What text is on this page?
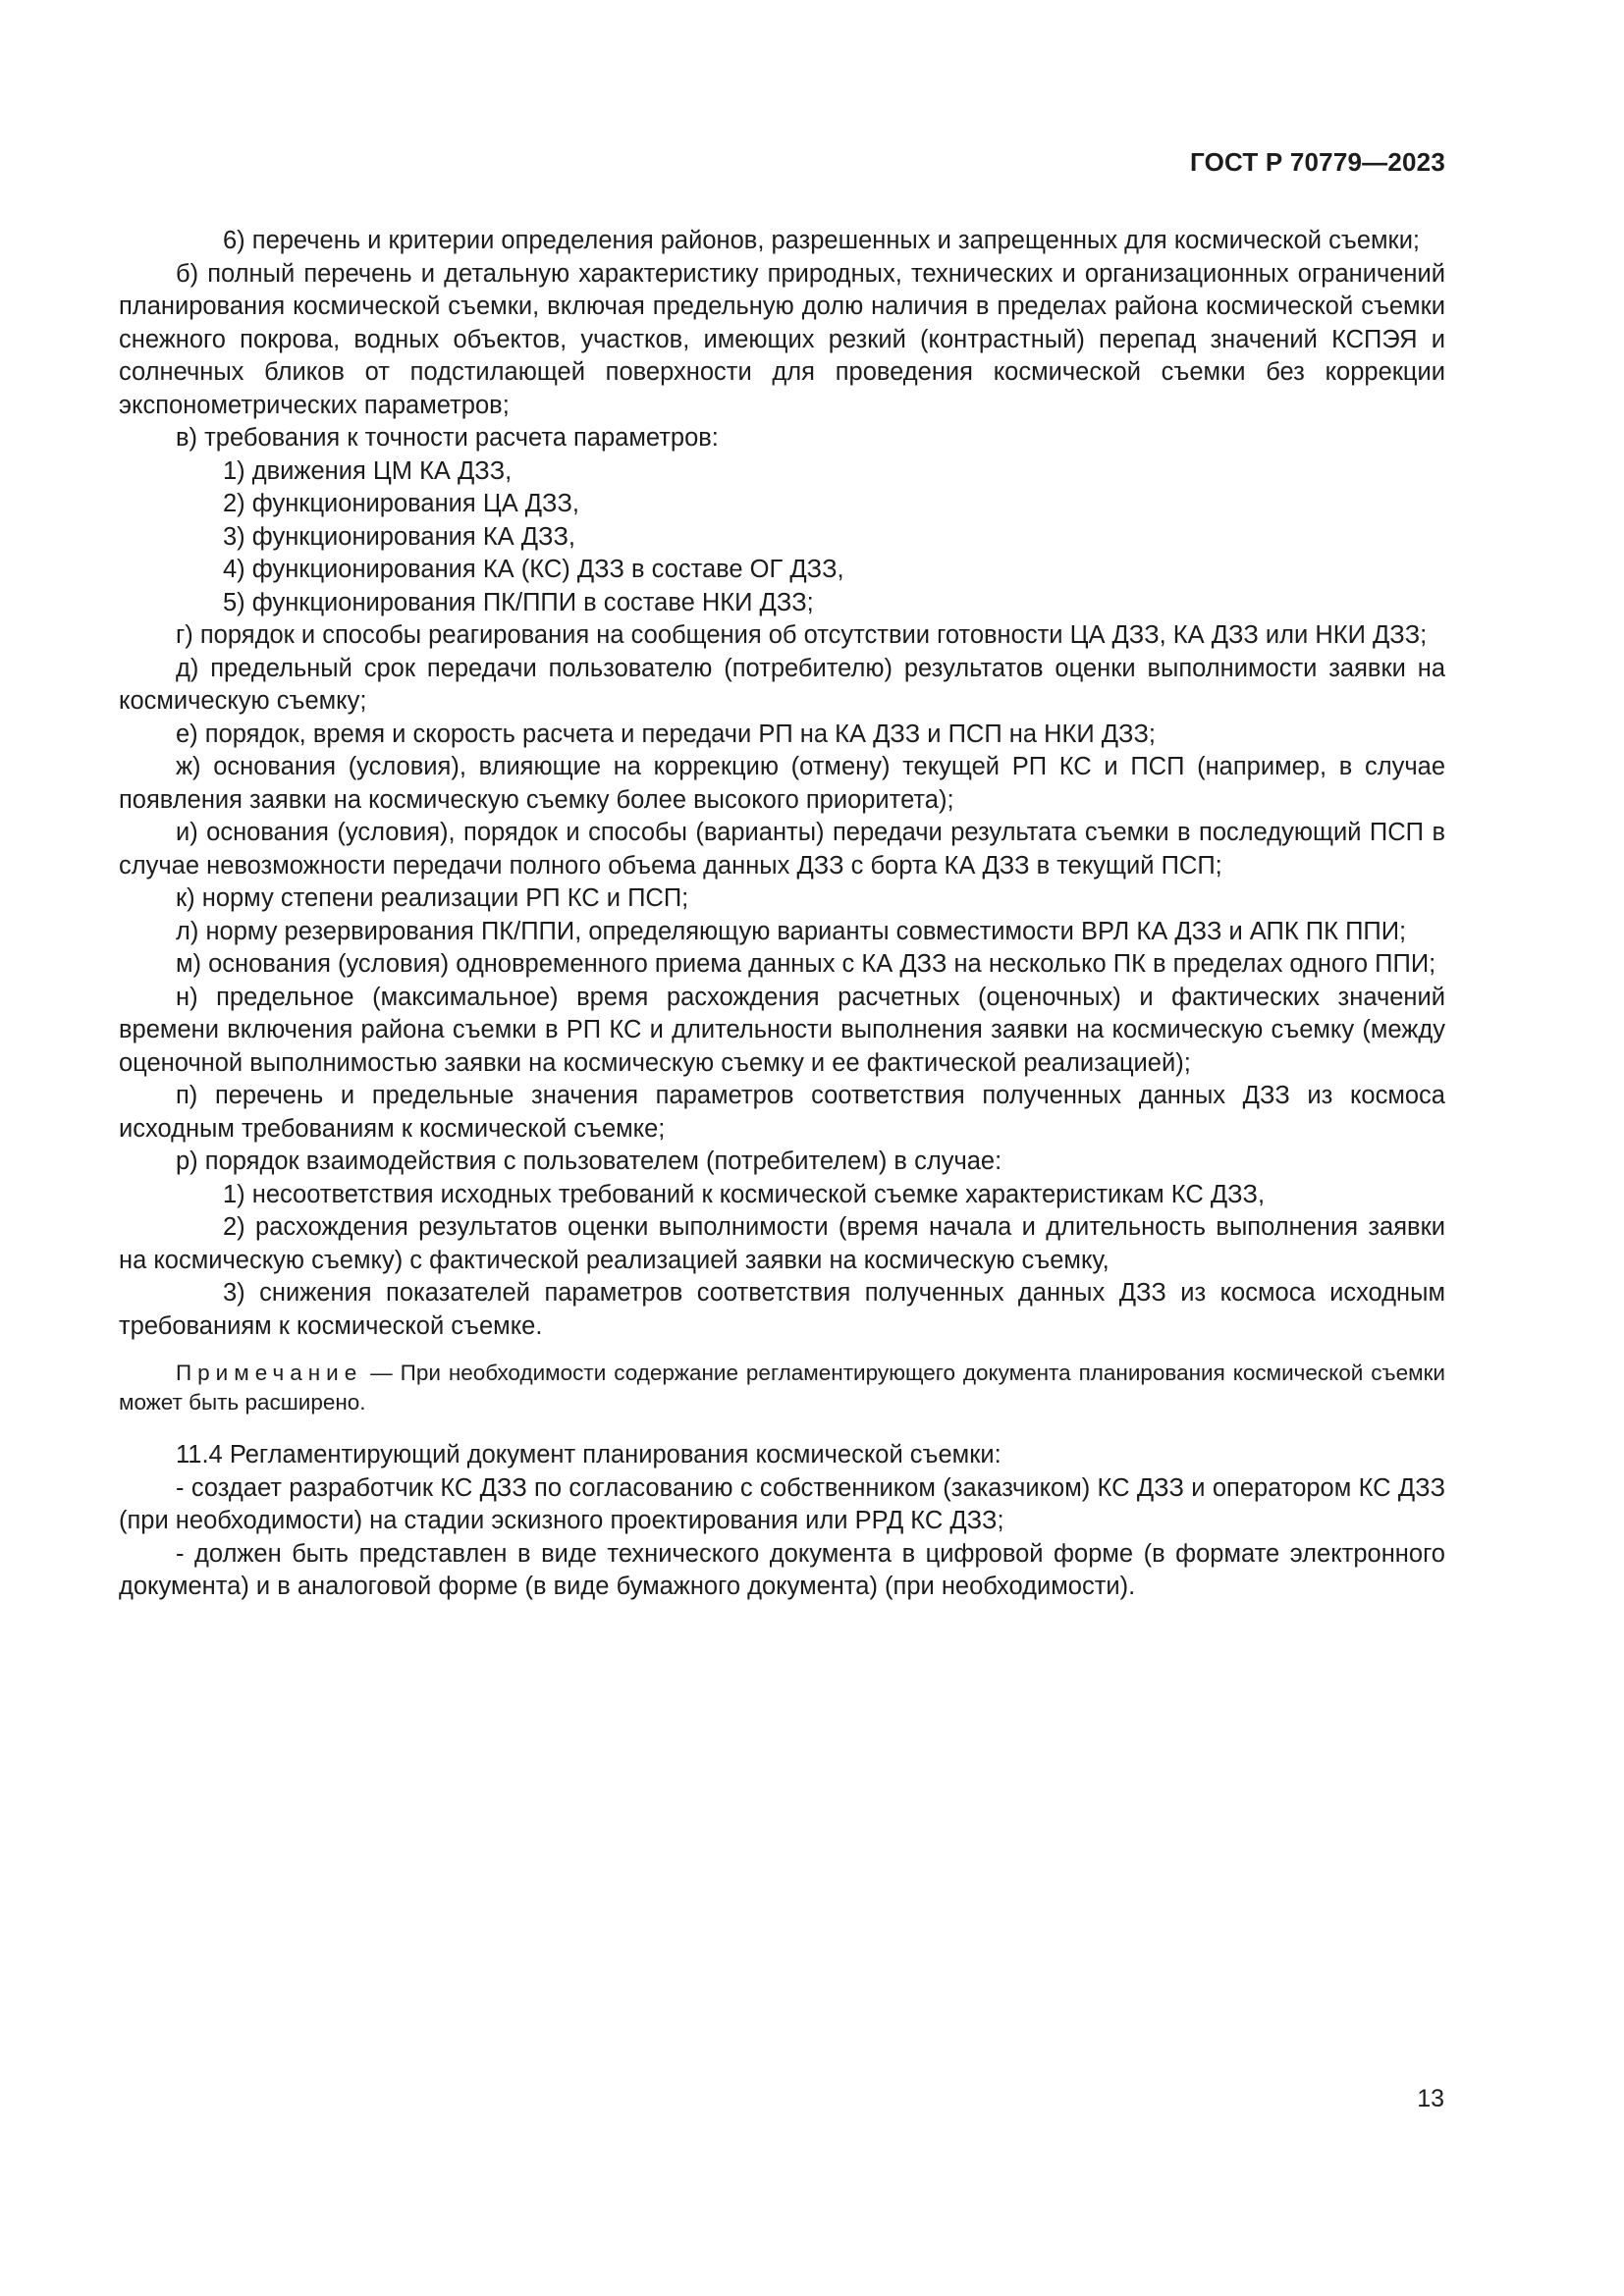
ГОСТ Р 70779—2023

6) перечень и критерии определения районов, разрешенных и запрещенных для космической съемки;

б) полный перечень и детальную характеристику природных, технических и организационных ограничений планирования космической съемки, включая предельную долю наличия в пределах района космической съемки снежного покрова, водных объектов, участков, имеющих резкий (контрастный) перепад значений КСПЭЯ и солнечных бликов от подстилающей поверхности для проведения космической съемки без коррекции экспонометрических параметров;

в) требования к точности расчета параметров:

1) движения ЦМ КА ДЗЗ,

2) функционирования ЦА ДЗЗ,

3) функционирования КА ДЗЗ,

4) функционирования КА (КС) ДЗЗ в составе ОГ ДЗЗ,

5) функционирования ПК/ППИ в составе НКИ ДЗЗ;

г) порядок и способы реагирования на сообщения об отсутствии готовности ЦА ДЗЗ, КА ДЗЗ или НКИ ДЗЗ;

д) предельный срок передачи пользователю (потребителю) результатов оценки выполнимости заявки на космическую съемку;

е) порядок, время и скорость расчета и передачи РП на КА ДЗЗ и ПСП на НКИ ДЗЗ;

ж) основания (условия), влияющие на коррекцию (отмену) текущей РП КС и ПСП (например, в случае появления заявки на космическую съемку более высокого приоритета);

и) основания (условия), порядок и способы (варианты) передачи результата съемки в последующий ПСП в случае невозможности передачи полного объема данных ДЗЗ с борта КА ДЗЗ в текущий ПСП;

к) норму степени реализации РП КС и ПСП;

л) норму резервирования ПК/ППИ, определяющую варианты совместимости ВРЛ КА ДЗЗ и АПК ПК ППИ;

м) основания (условия) одновременного приема данных с КА ДЗЗ на несколько ПК в пределах одного ППИ;

н) предельное (максимальное) время расхождения расчетных (оценочных) и фактических значений времени включения района съемки в РП КС и длительности выполнения заявки на космическую съемку (между оценочной выполнимостью заявки на космическую съемку и ее фактической реализацией);

п) перечень и предельные значения параметров соответствия полученных данных ДЗЗ из космоса исходным требованиям к космической съемке;

р) порядок взаимодействия с пользователем (потребителем) в случае:

1) несоответствия исходных требований к космической съемке характеристикам КС ДЗЗ,

2) расхождения результатов оценки выполнимости (время начала и длительность выполнения заявки на космическую съемку) с фактической реализацией заявки на космическую съемку,

3) снижения показателей параметров соответствия полученных данных ДЗЗ из космоса исходным требованиям к космической съемке.

Примечание — При необходимости содержание регламентирующего документа планирования космической съемки может быть расширено.

11.4 Регламентирующий документ планирования космической съемки:

- создает разработчик КС ДЗЗ по согласованию с собственником (заказчиком) КС ДЗЗ и оператором КС ДЗЗ (при необходимости) на стадии эскизного проектирования или РРД КС ДЗЗ;

- должен быть представлен в виде технического документа в цифровой форме (в формате электронного документа) и в аналоговой форме (в виде бумажного документа) (при необходимости).

13
